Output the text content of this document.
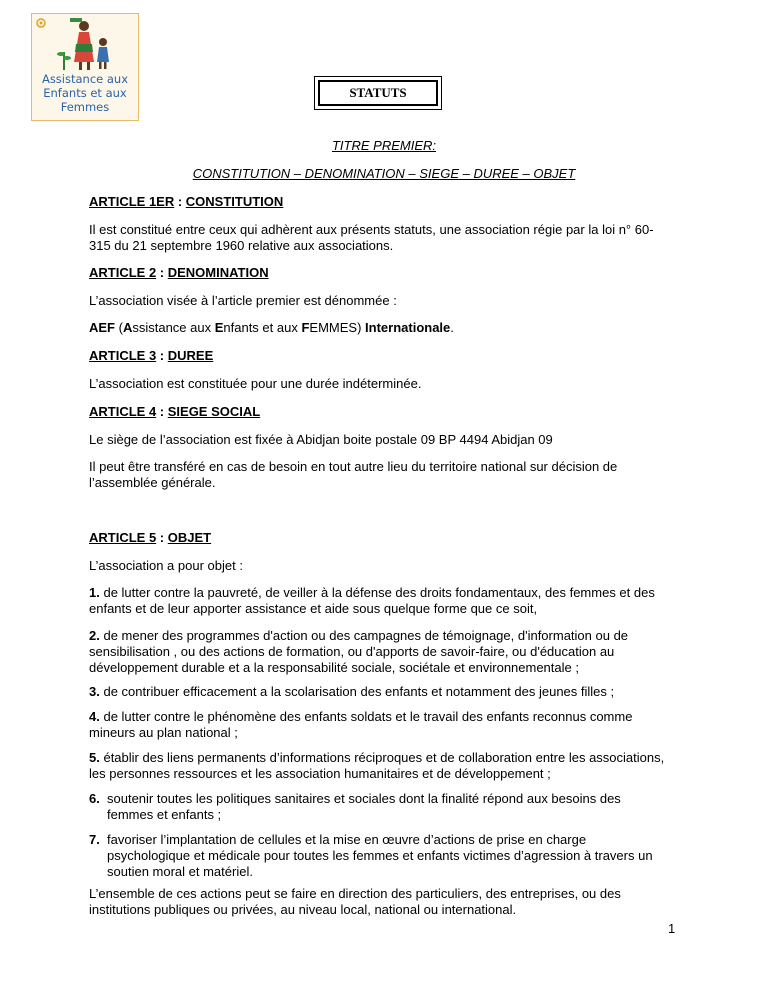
Assistance aux
Enfants et aux
Femmes
STATUTS
TITRE PREMIER:
CONSTITUTION – DENOMINATION – SIEGE – DUREE – OBJET
ARTICLE 1ER : CONSTITUTION
Il est constitué entre ceux qui adhèrent aux présents statuts, une association régie par la loi n° 60-
315 du 21 septembre 1960 relative aux associations.
ARTICLE 2 : DENOMINATION
L’association visée à l’article premier est dénommée :
AEF (Assistance aux Enfants et aux FEMMES) Internationale.
ARTICLE 3 : DUREE
L’association est constituée pour une durée indéterminée.
ARTICLE 4 : SIEGE SOCIAL
Le siège de l’association est fixée à Abidjan boite postale 09 BP 4494 Abidjan 09
Il peut être transféré en cas de besoin en tout autre lieu du territoire national sur décision de
l’assemblée générale.
ARTICLE 5 : OBJET
L’association a pour objet :
1. de lutter contre la pauvreté, de veiller à la défense des droits fondamentaux, des femmes et des
enfants et de leur apporter assistance et aide sous quelque forme que ce soit,
2. de mener des programmes d'action ou des campagnes de témoignage, d'information ou de
sensibilisation , ou des actions de formation, ou d'apports de savoir-faire, ou d'éducation au
développement durable et a la responsabilité sociale, sociétale et environnementale ;
3. de contribuer efficacement a la scolarisation des enfants et notamment des jeunes filles ;
4. de lutter contre le phénomène des enfants soldats et le travail des enfants reconnus comme
mineurs au plan national ;
5. établir des liens permanents d’informations réciproques et de collaboration entre les associations,
les personnes ressources et les association humanitaires et de développement ;
6. soutenir toutes les politiques sanitaires et sociales dont la finalité répond aux besoins des
femmes et enfants ;
7. favoriser l’implantation de cellules et la mise en œuvre d’actions de prise en charge
psychologique et médicale pour toutes les femmes et enfants victimes d’agression à travers un
soutien moral et matériel.
L’ensemble de ces actions peut se faire en direction des particuliers, des entreprises, ou des
institutions publiques ou privées, au niveau local, national ou international.
1
